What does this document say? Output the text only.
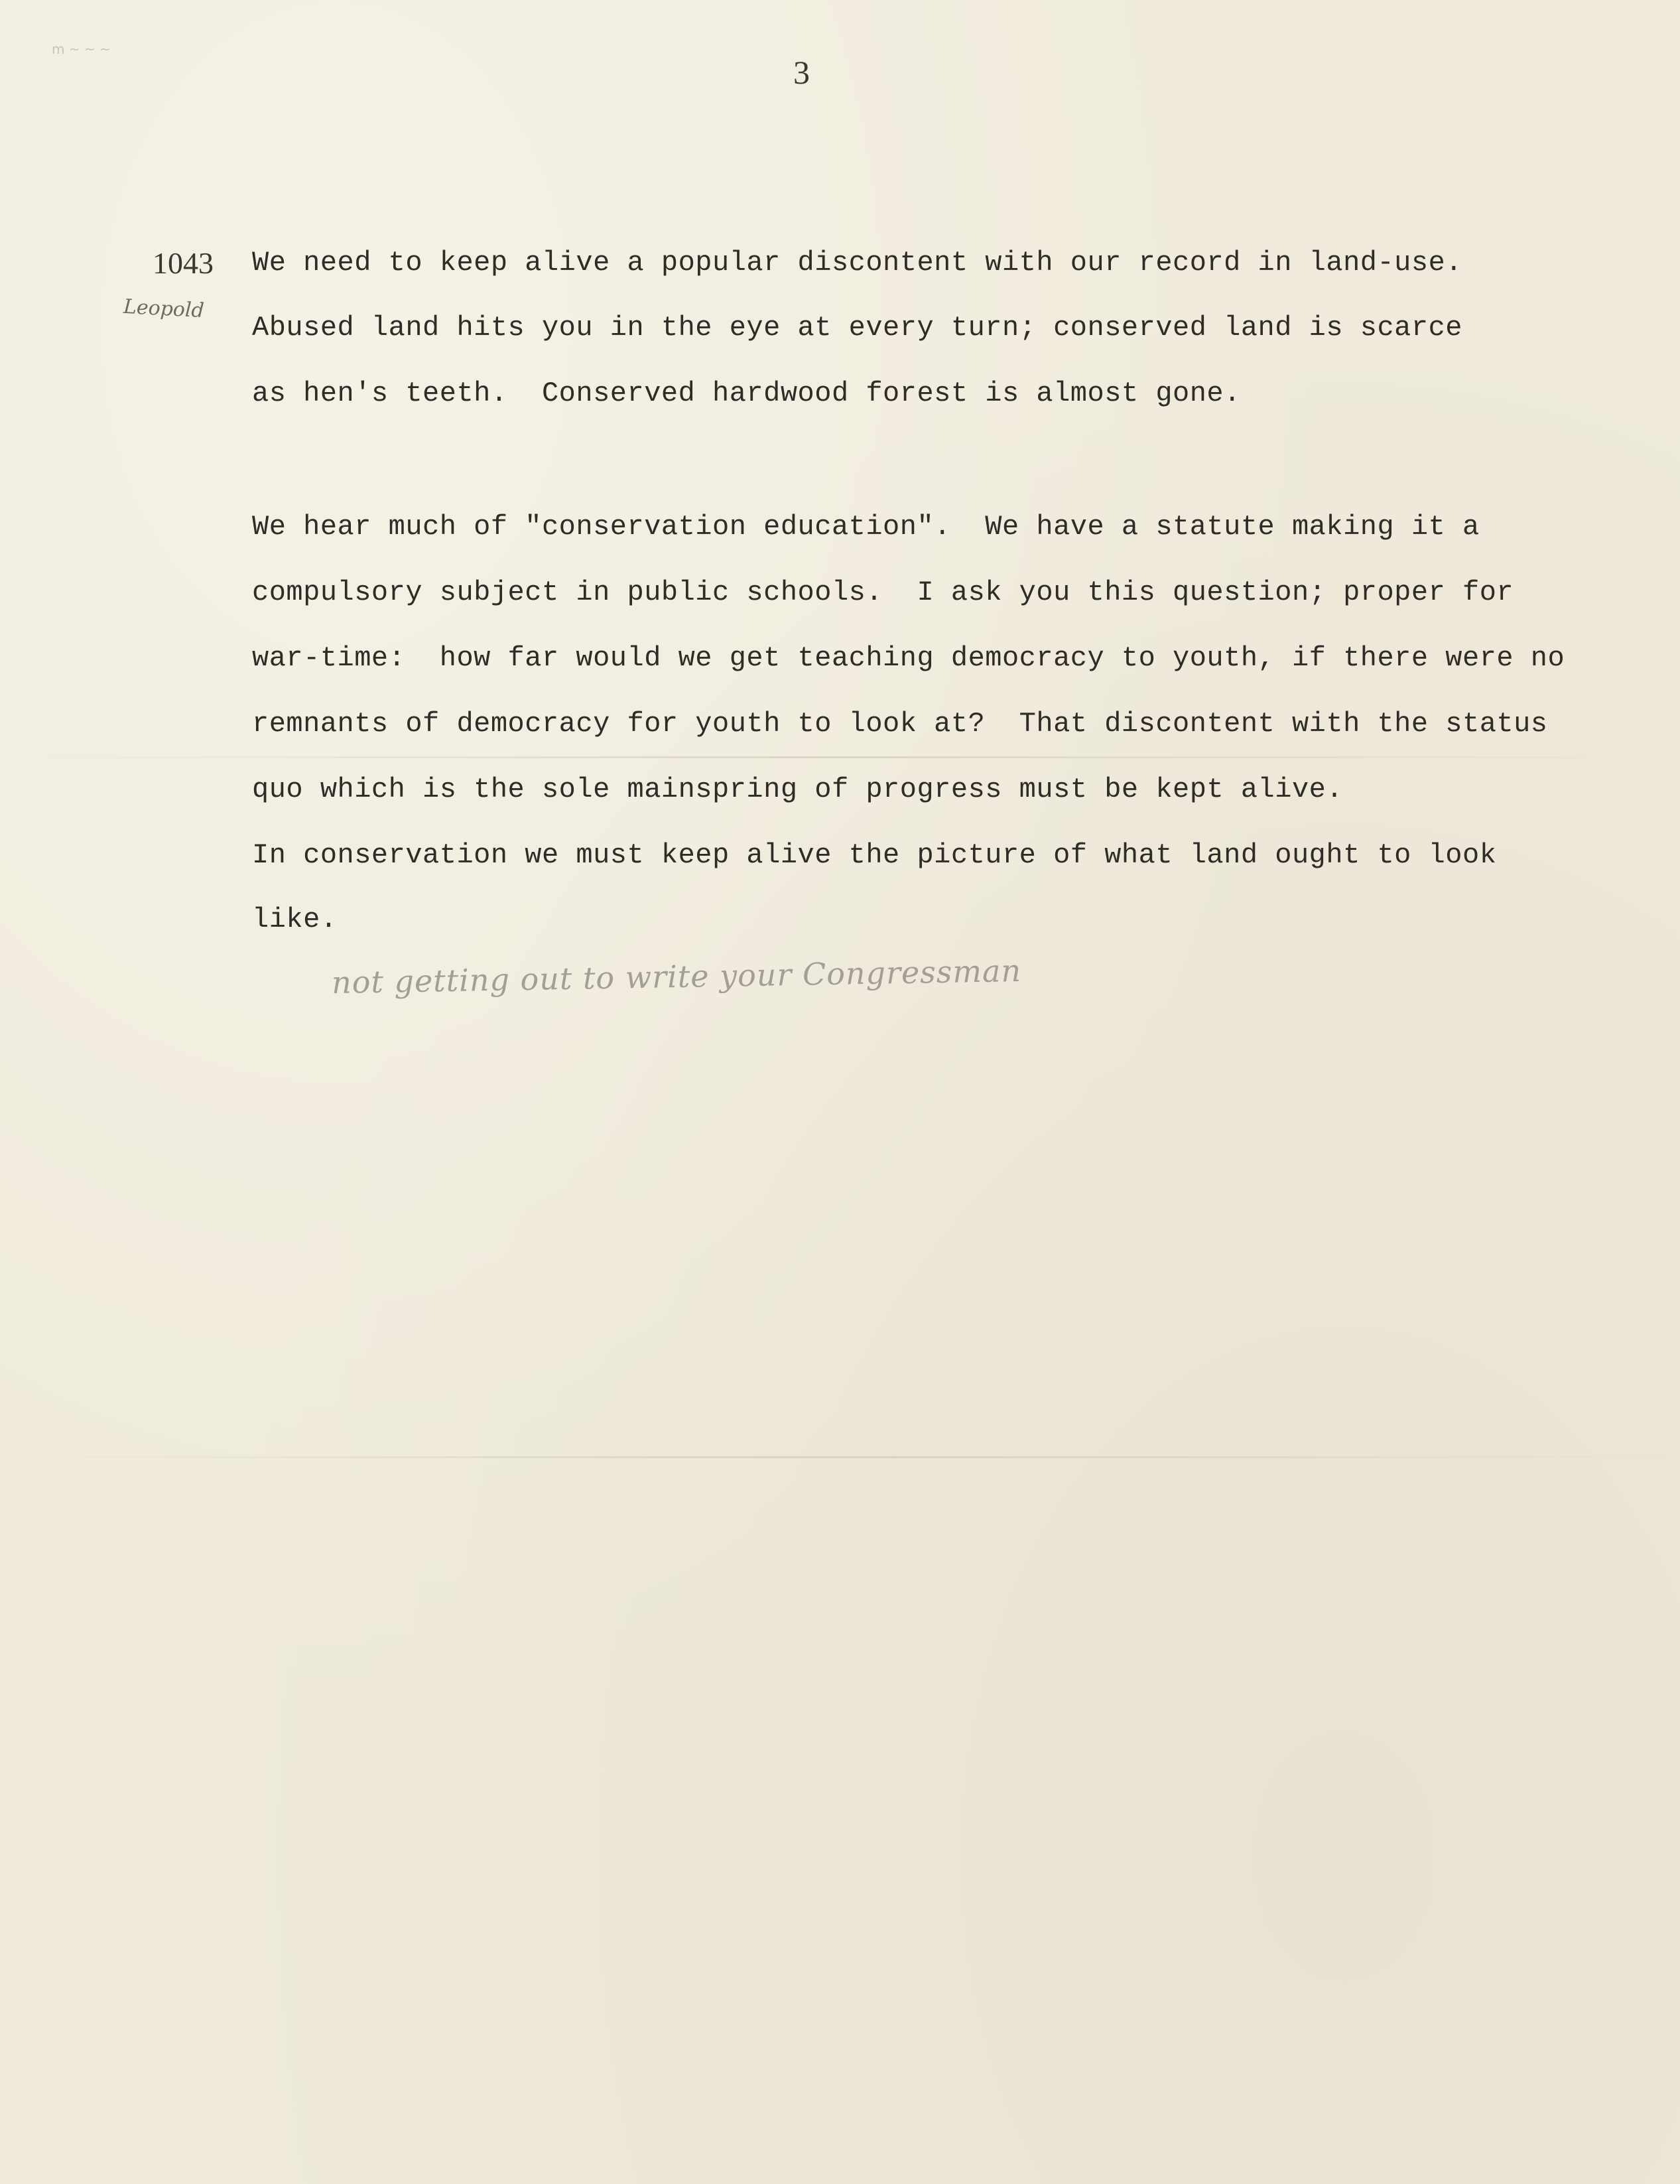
m ~ ~ ~
3
1043
Leopold
We need to keep alive a popular discontent with our record in land-use.
Abused land hits you in the eye at every turn; conserved land is scarce
as hen's teeth.  Conserved hardwood forest is almost gone.
We hear much of "conservation education".  We have a statute making it a
compulsory subject in public schools.  I ask you this question; proper for
war-time:  how far would we get teaching democracy to youth, if there were no
remnants of democracy for youth to look at?  That discontent with the status
quo which is the sole mainspring of progress must be kept alive.
In conservation we must keep alive the picture of what land ought to look
like.
not getting out to write your Congressman
